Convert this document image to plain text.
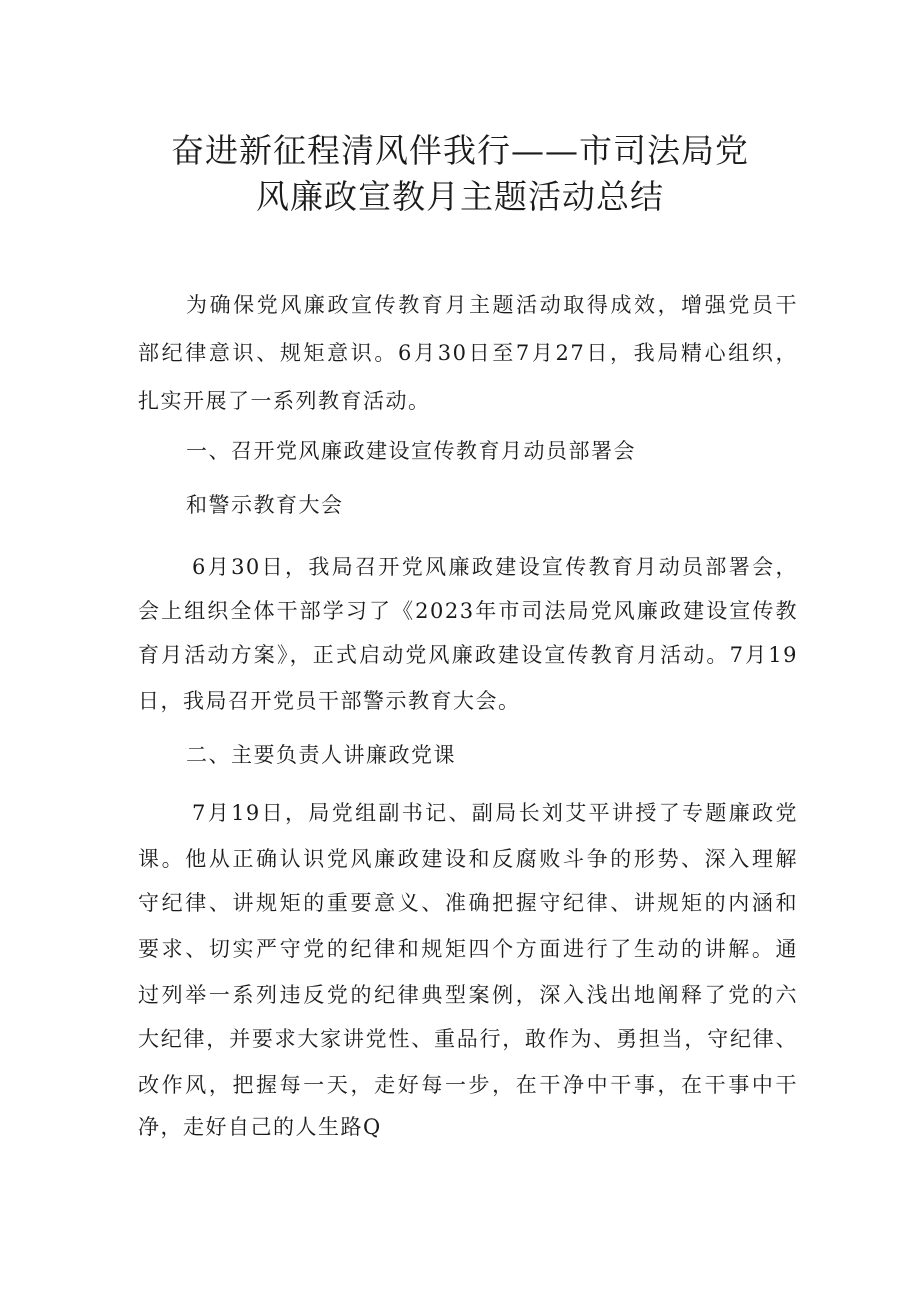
奋进新征程清风伴我行——市司法局党
风廉政宣教月主题活动总结

为确保党风廉政宣传教育月主题活动取得成效，增强党员干

部纪律意识、规矩意识。6月30日至7月27日，我局精心组织，

扎实开展了一系列教育活动。

一、召开党风廉政建设宣传教育月动员部署会

和警示教育大会

6月30日，我局召开党风廉政建设宣传教育月动员部署会，

会上组织全体干部学习了《2023年市司法局党风廉政建设宣传教

育月活动方案》，正式启动党风廉政建设宣传教育月活动。7月19

日，我局召开党员干部警示教育大会。

二、主要负责人讲廉政党课

7月19日，局党组副书记、副局长刘艾平讲授了专题廉政党

课。他从正确认识党风廉政建设和反腐败斗争的形势、深入理解

守纪律、讲规矩的重要意义、准确把握守纪律、讲规矩的内涵和

要求、切实严守党的纪律和规矩四个方面进行了生动的讲解。通

过列举一系列违反党的纪律典型案例，深入浅出地阐释了党的六

大纪律，并要求大家讲党性、重品行，敢作为、勇担当，守纪律、

改作风，把握每一天，走好每一步，在干净中干事，在干事中干

净，走好自己的人生路Q
